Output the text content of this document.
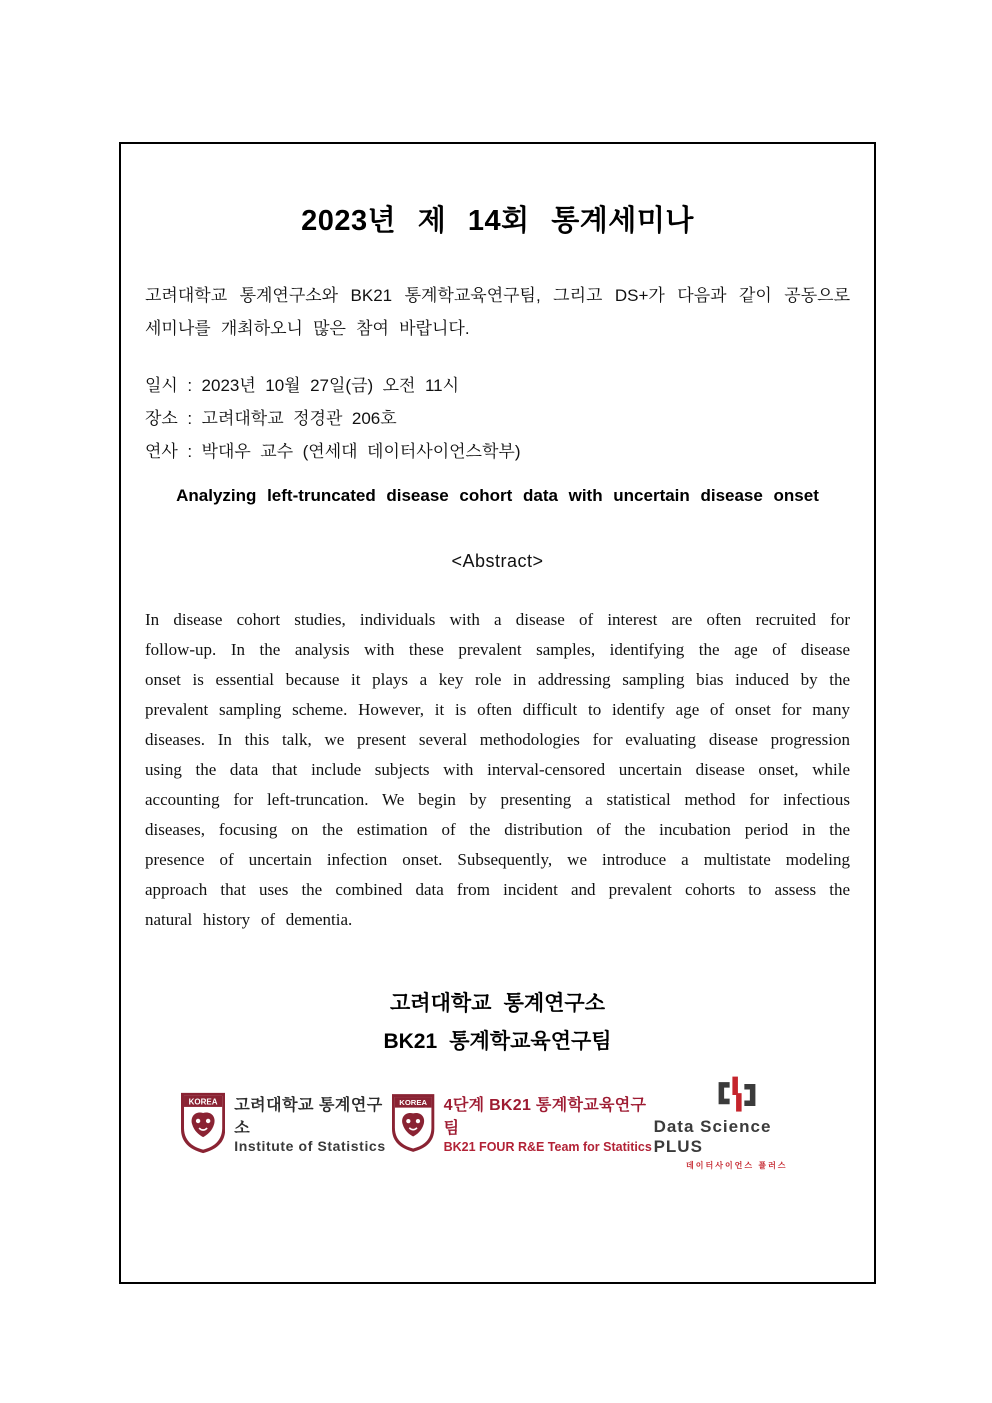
2023년 제 14회 통계세미나

고려대학교 통계연구소와 BK21 통계학교육연구팀, 그리고 DS+가 다음과 같이 공동으로 세미나를 개최하오니 많은 참여 바랍니다.

일시 : 2023년 10월 27일(금) 오전 11시
장소 : 고려대학교 정경관 206호
연사 : 박대우 교수 (연세대 데이터사이언스학부)
Analyzing left-truncated disease cohort data with uncertain disease onset
<Abstract>

In disease cohort studies, individuals with a disease of interest are often recruited for follow-up. In the analysis with these prevalent samples, identifying the age of disease onset is essential because it plays a key role in addressing sampling bias induced by the prevalent sampling scheme. However, it is often difficult to identify age of onset for many diseases. In this talk, we present several methodologies for evaluating disease progression using the data that include subjects with interval-censored uncertain disease onset, while accounting for left-truncation. We begin by presenting a statistical method for infectious diseases, focusing on the estimation of the distribution of the incubation period in the presence of uncertain infection onset. Subsequently, we introduce a multistate modeling approach that uses the combined data from incident and prevalent cohorts to assess the natural history of dementia.

고려대학교 통계연구소
BK21 통계학교육연구팀
KOREA 고려대학교 통계연구소
Institute of Statistics
KOREA 4단계 BK21 통계학교육연구팀
BK21 FOUR R&E Team for Statitics
Data Science PLUS
데이터사이언스 플러스
